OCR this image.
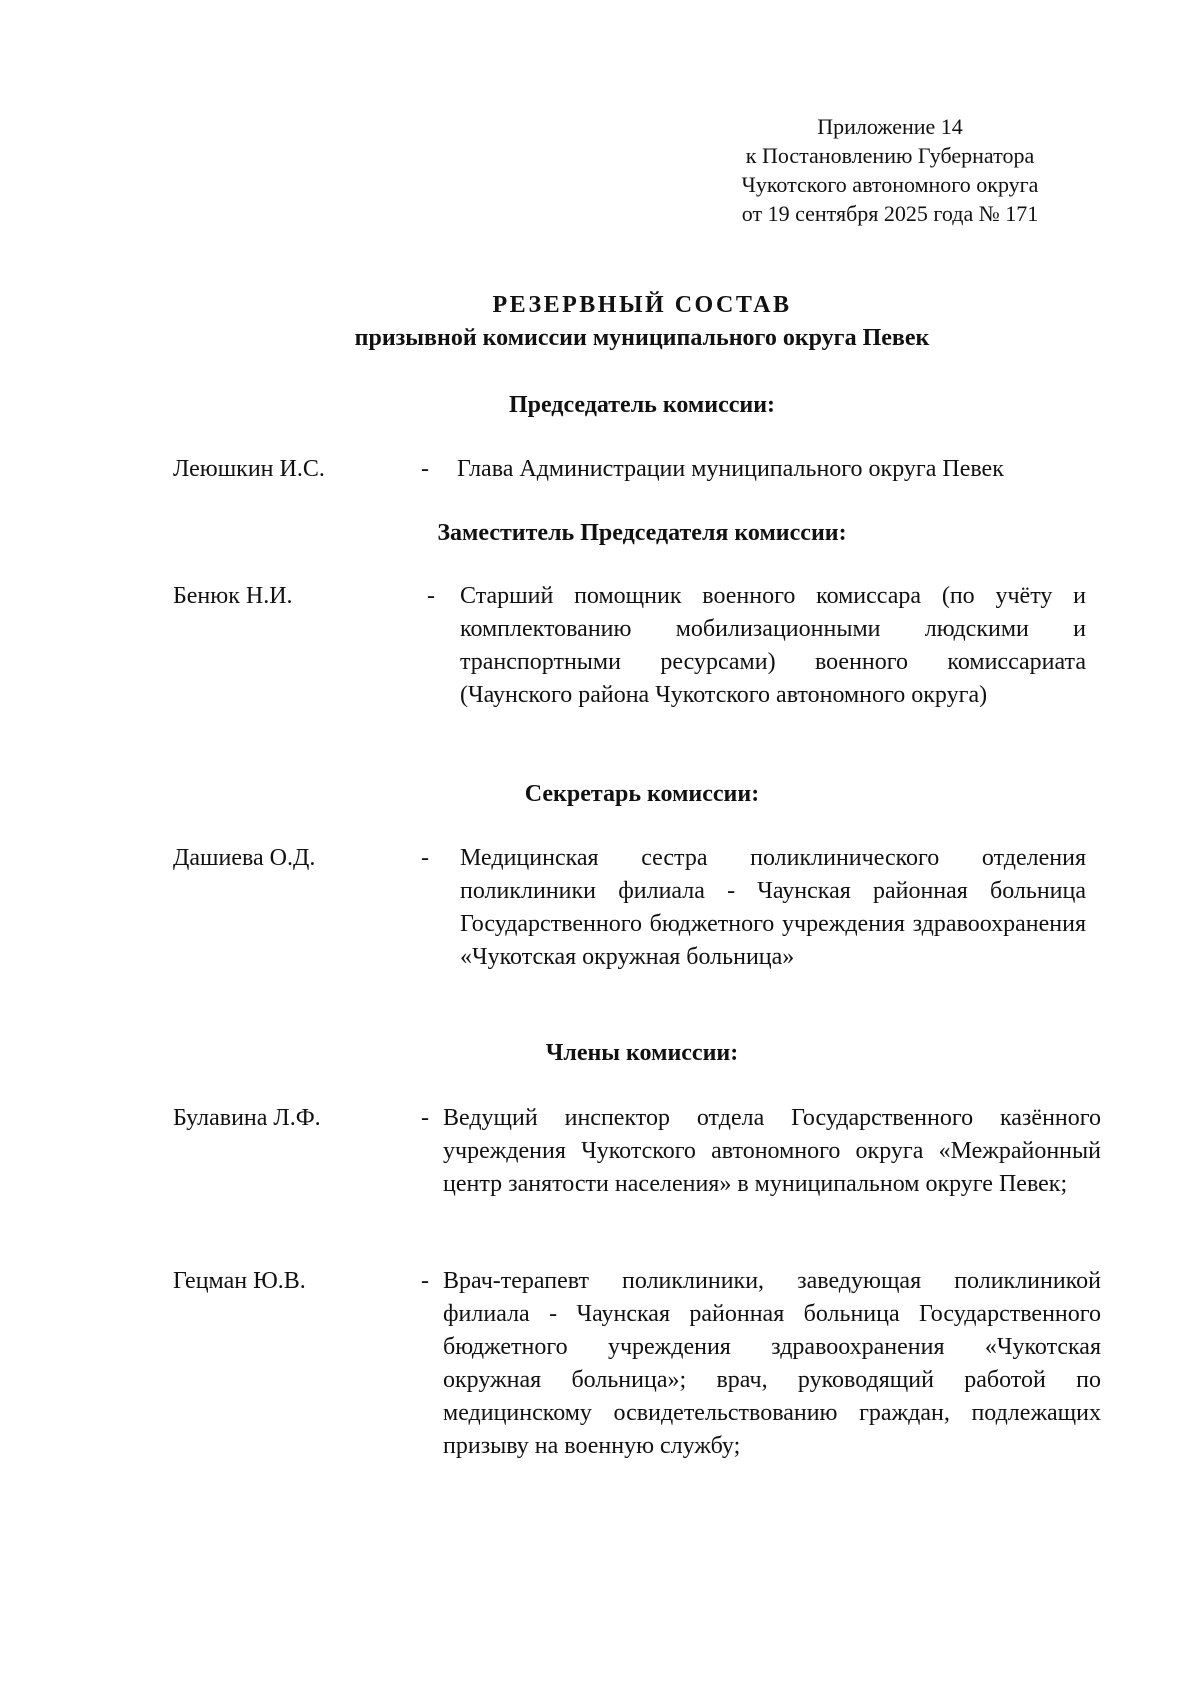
Приложение 14
к Постановлению Губернатора
Чукотского автономного округа
от 19 сентября 2025 года № 171
РЕЗЕРВНЫЙ СОСТАВ
призывной комиссии муниципального округа Певек
Председатель комиссии:
Леюшкин И.С.	- Глава Администрации муниципального округа Певек
Заместитель Председателя комиссии:
Бенюк Н.И.	- Старший помощник военного комиссара (по учёту и комплектованию мобилизационными людскими и транспортными ресурсами) военного комиссариата (Чаунского района Чукотского автономного округа)
Секретарь комиссии:
Дашиева О.Д.	- Медицинская сестра поликлинического отделения поликлиники филиала - Чаунская районная больница Государственного бюджетного учреждения здравоохранения «Чукотская окружная больница»
Члены комиссии:
Булавина Л.Ф.	- Ведущий инспектор отдела Государственного казённого учреждения Чукотского автономного округа «Межрайонный центр занятости населения» в муниципальном округе Певек;
Гецман Ю.В.	- Врач-терапевт поликлиники, заведующая поликлиникой филиала - Чаунская районная больница Государственного бюджетного учреждения здравоохранения «Чукотская окружная больница»; врач, руководящий работой по медицинскому освидетельствованию граждан, подлежащих призыву на военную службу;
